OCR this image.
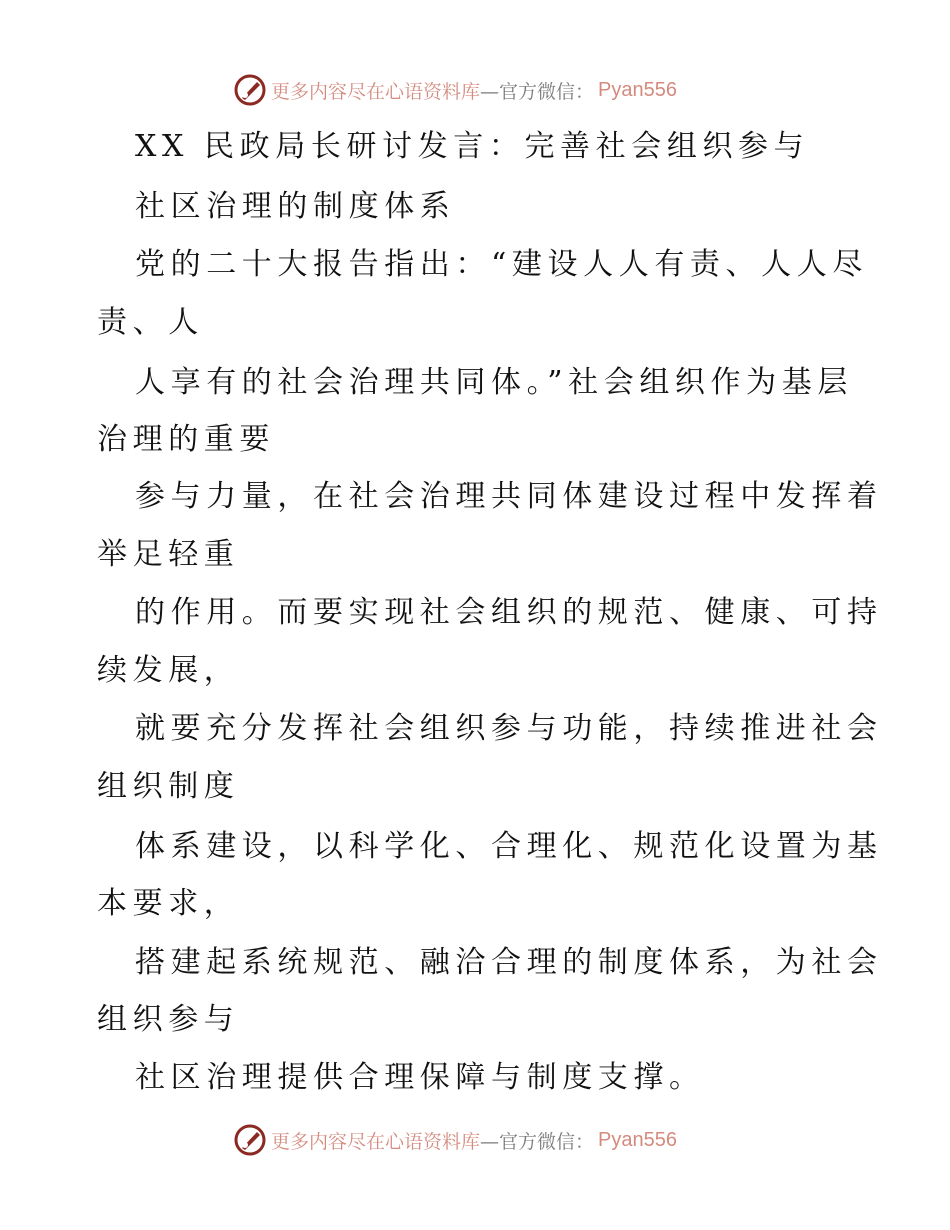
更多内容尽在心语资料库 —官方微信： Pyan556
XX 民政局长研讨发言：完善社会组织参与
社区治理的制度体系
党的二十大报告指出：“建设人人有责、人人尽
责、人
人享有的社会治理共同体。”社会组织作为基层
治理的重要
参与力量，在社会治理共同体建设过程中发挥着
举足轻重
的作用。而要实现社会组织的规范、健康、可持
续发展，
就要充分发挥社会组织参与功能，持续推进社会
组织制度
体系建设，以科学化、合理化、规范化设置为基
本要求，
搭建起系统规范、融洽合理的制度体系，为社会
组织参与
社区治理提供合理保障与制度支撑。
更多内容尽在心语资料库 —官方微信： Pyan556
